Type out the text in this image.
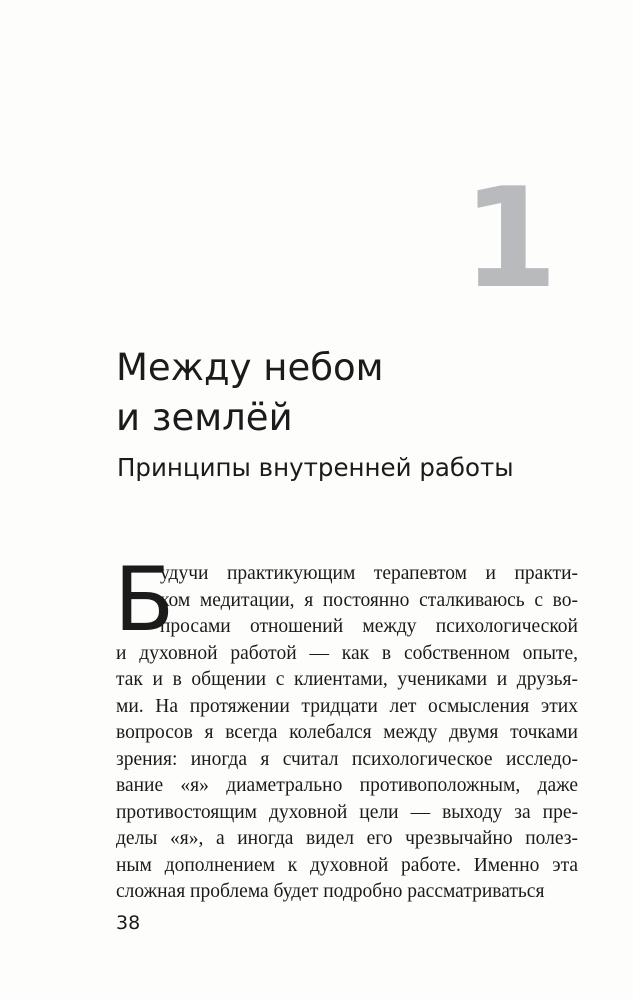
1
Между небом
и землёй
Принципы внутренней работы
Б
удучи практикующим терапевтом и практи-
ком медитации, я постоянно сталкиваюсь с во-
просами отношений между психологической
и духовной работой — как в собственном опыте,
так и в общении с клиентами, учениками и друзья-
ми. На протяжении тридцати лет осмысления этих
вопросов я всегда колебался между двумя точками
зрения: иногда я считал психологическое исследо-
вание «я» диаметрально противоположным, даже
противостоящим духовной цели — выходу за пре-
делы «я», а иногда видел его чрезвычайно полез-
ным дополнением к духовной работе. Именно эта
сложная проблема будет подробно рассматриваться
38
